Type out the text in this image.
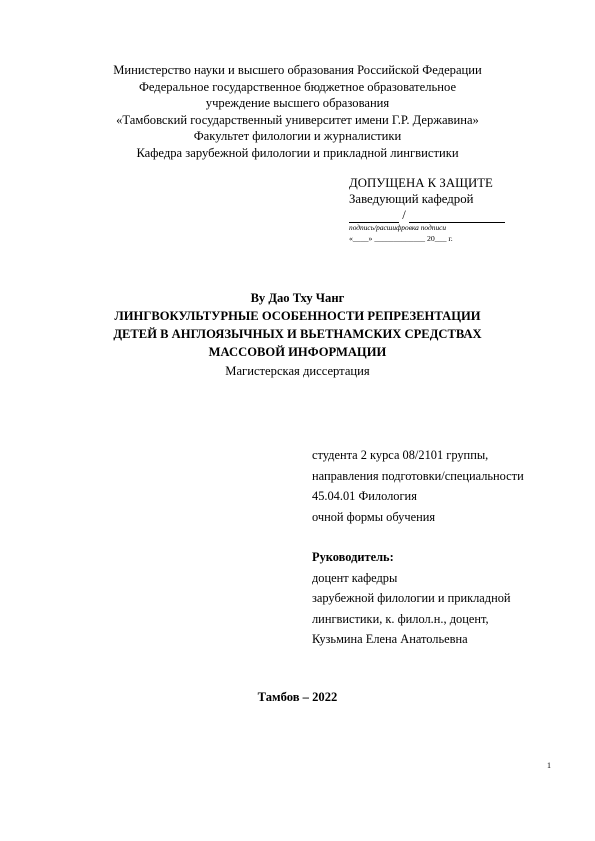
Министерство науки и высшего образования Российской Федерации
Федеральное государственное бюджетное образовательное
учреждение высшего образования
«Тамбовский государственный университет имени Г.Р. Державина»
Факультет филологии и журналистики
Кафедра зарубежной филологии и прикладной лингвистики
ДОПУЩЕНА К ЗАЩИТЕ
Заведующий кафедрой
/
подпись/расшифровка подписи
«____» _____________ 20___ г.
Ву Дао Тху Чанг
ЛИНГВОКУЛЬТУРНЫЕ ОСОБЕННОСТИ РЕПРЕЗЕНТАЦИИ
ДЕТЕЙ В АНГЛОЯЗЫЧНЫХ И ВЬЕТНАМСКИХ СРЕДСТВАХ
МАССОВОЙ ИНФОРМАЦИИ
Магистерская диссертация
студента 2 курса 08/2101 группы,
направления подготовки/специальности
45.04.01 Филология
очной формы обучения
Руководитель:
доцент кафедры
зарубежной филологии и прикладной
лингвистики, к. филол.н., доцент,
Кузьмина Елена Анатольевна
Тамбов – 2022
1
